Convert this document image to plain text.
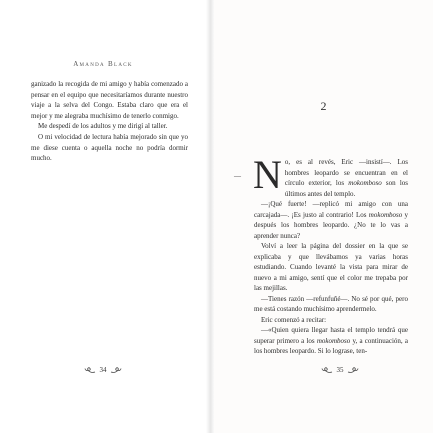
Amanda Black

ganizado la recogida de mi amigo y había comenzado a pensar en el equipo que necesitaríamos durante nuestro viaje a la selva del Congo. Estaba claro que era el mejor y me alegraba muchísimo de tenerlo conmigo.

Me despedí de los adultos y me dirigí al taller.

O mi velocidad de lectura había mejorado sin que yo me diese cuenta o aquella noche no podría dormir mucho.

34
2
35
— No, es al revés, Eric —insistí—. Los hombres leopardo se encuentran en el círculo exterior, los mokomboso son los últimos antes del templo.

—¡Qué fuerte! —replicó mi amigo con una carcajada—. ¡Es justo al contrario! Los mokomboso y después los hombres leopardo. ¿No te lo vas a aprender nunca?

Volví a leer la página del dossier en la que se explicaba y que llevábamos ya varias horas estudiando. Cuando levanté la vista para mirar de nuevo a mi amigo, sentí que el color me trepaba por las mejillas.

—Tienes razón —refunfuñé—. No sé por qué, pero me está costando muchísimo aprendermelo.

Eric comenzó a recitar:

—«Quien quiera llegar hasta el templo tendrá que superar primero a los mokomboso y, a continuación, a los hombres leopardo. Si lo lograse, ten-
